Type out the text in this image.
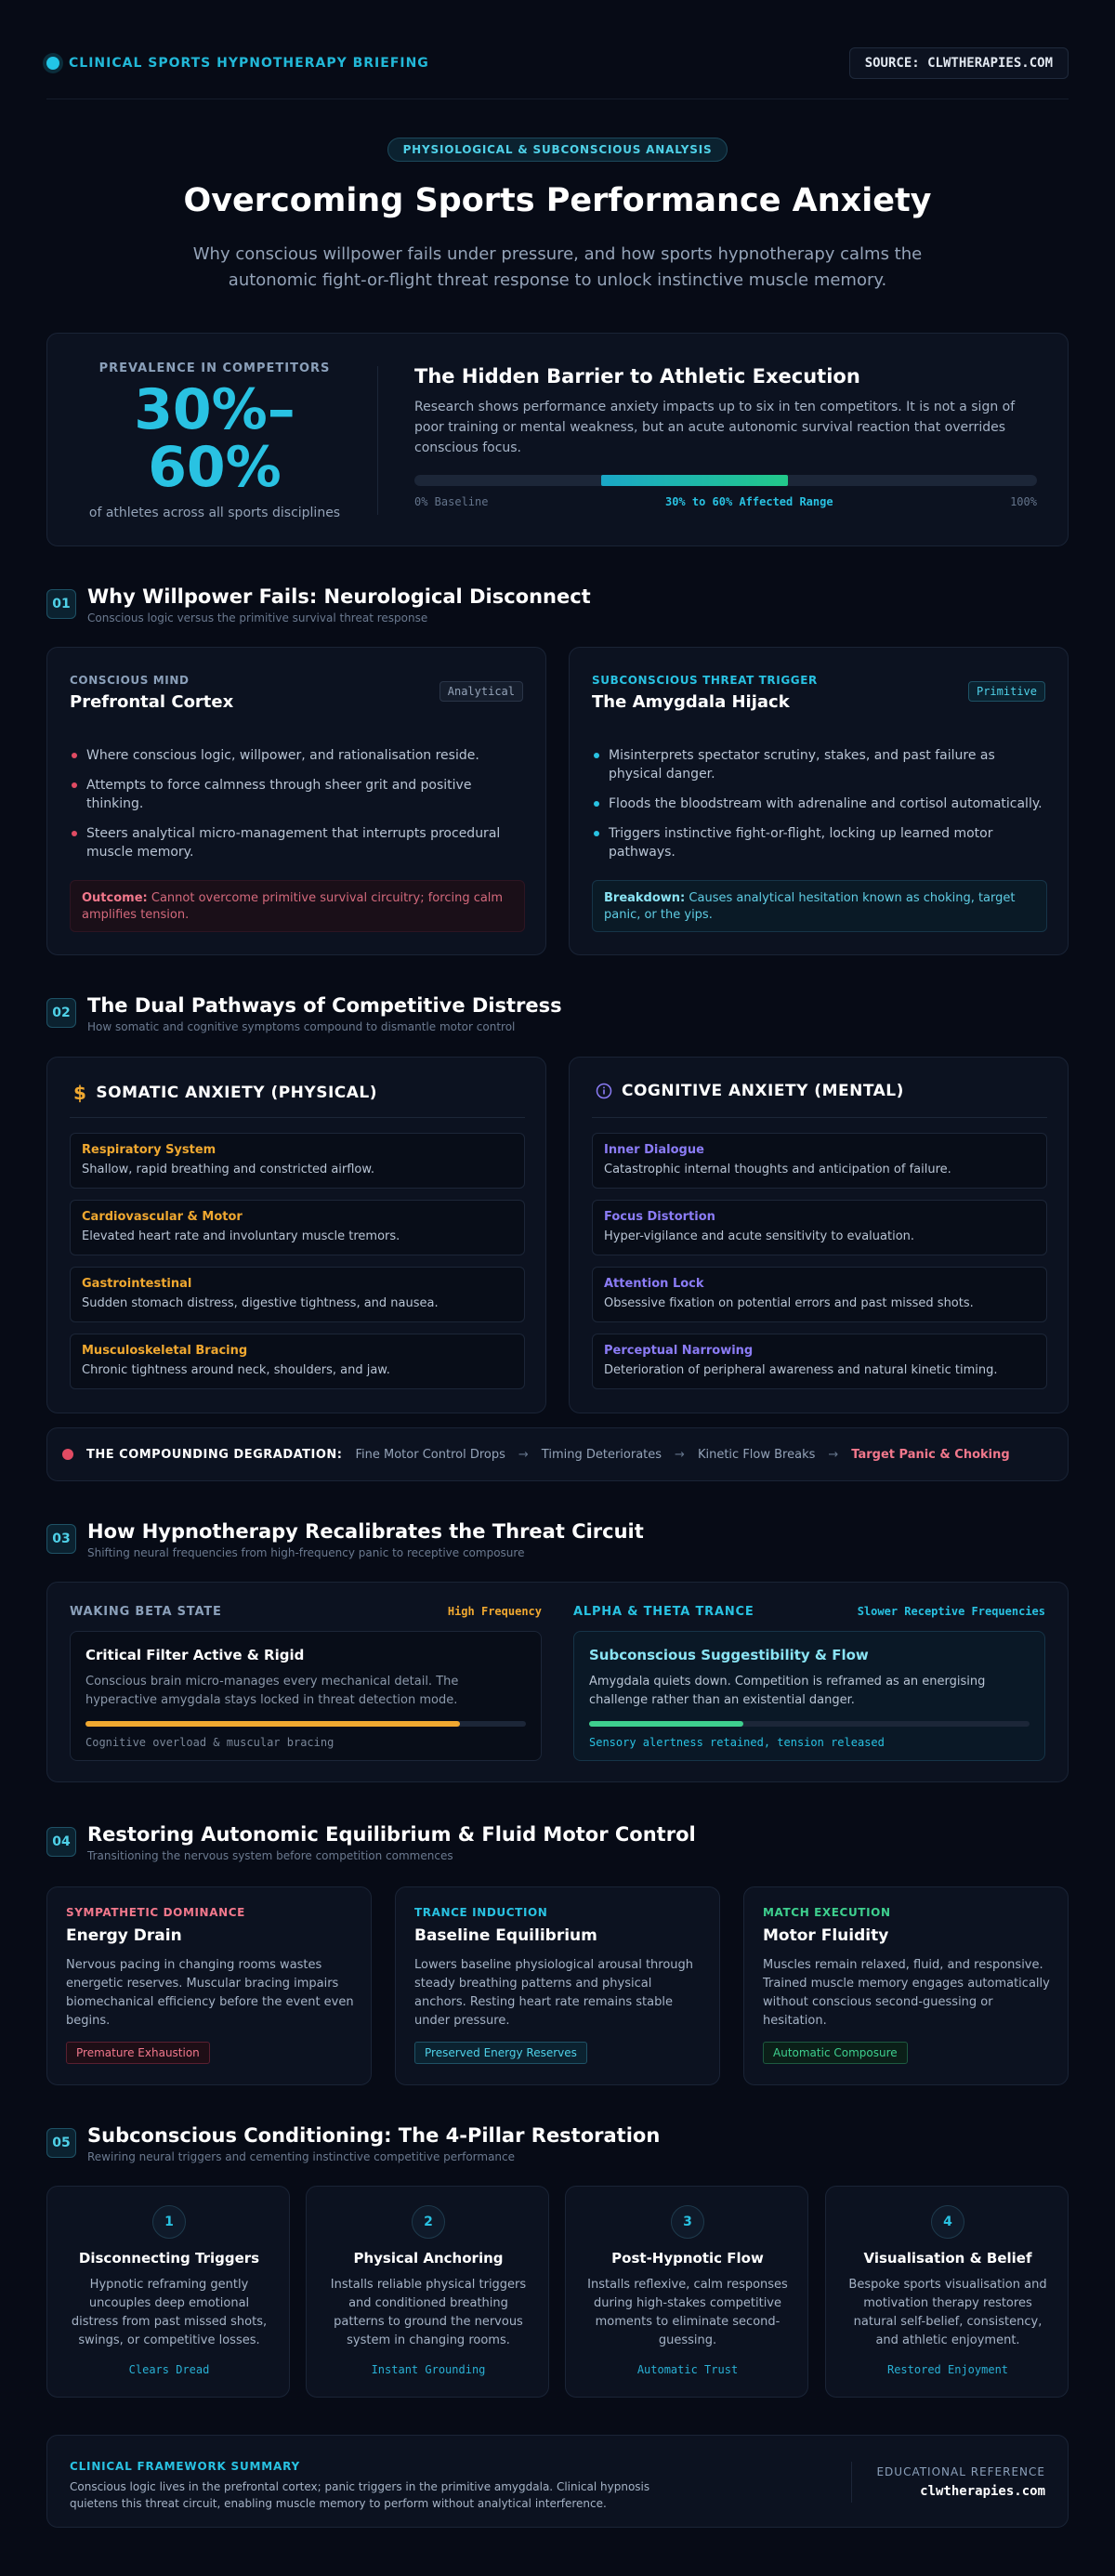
CLINICAL SPORTS HYPNOTHERAPY BRIEFING	SOURCE: CLWTHERAPIES.COM
PHYSIOLOGICAL & SUBCONSCIOUS ANALYSIS
Overcoming Sports Performance Anxiety
Why conscious willpower fails under pressure, and how sports hypnotherapy calms the autonomic fight-or-flight threat response to unlock instinctive muscle memory.
PREVALENCE IN COMPETITORS
30%–60%
of athletes across all sports disciplines
The Hidden Barrier to Athletic Execution
Research shows performance anxiety impacts up to six in ten competitors. It is not a sign of poor training or mental weakness, but an acute autonomic survival reaction that overrides conscious focus.
0% Baseline	30% to 60% Affected Range	100%
01 Why Willpower Fails: Neurological Disconnect
Conscious logic versus the primitive survival threat response
CONSCIOUS MIND
Prefrontal Cortex
Analytical
Where conscious logic, willpower, and rationalisation reside.
Attempts to force calmness through sheer grit and positive thinking.
Steers analytical micro-management that interrupts procedural muscle memory.
Outcome: Cannot overcome primitive survival circuitry; forcing calm amplifies tension.
SUBCONSCIOUS THREAT TRIGGER
The Amygdala Hijack
Primitive
Misinterprets spectator scrutiny, stakes, and past failure as physical danger.
Floods the bloodstream with adrenaline and cortisol automatically.
Triggers instinctive fight-or-flight, locking up learned motor pathways.
Breakdown: Causes analytical hesitation known as choking, target panic, or the yips.
02 The Dual Pathways of Competitive Distress
How somatic and cognitive symptoms compound to dismantle motor control
$ SOMATIC ANXIETY (PHYSICAL)
Respiratory System
Shallow, rapid breathing and constricted airflow.
Cardiovascular & Motor
Elevated heart rate and involuntary muscle tremors.
Gastrointestinal
Sudden stomach distress, digestive tightness, and nausea.
Musculoskeletal Bracing
Chronic tightness around neck, shoulders, and jaw.
COGNITIVE ANXIETY (MENTAL)
Inner Dialogue
Catastrophic internal thoughts and anticipation of failure.
Focus Distortion
Hyper-vigilance and acute sensitivity to evaluation.
Attention Lock
Obsessive fixation on potential errors and past missed shots.
Perceptual Narrowing
Deterioration of peripheral awareness and natural kinetic timing.
THE COMPOUNDING DEGRADATION: Fine Motor Control Drops → Timing Deteriorates → Kinetic Flow Breaks → Target Panic & Choking
03 How Hypnotherapy Recalibrates the Threat Circuit
Shifting neural frequencies from high-frequency panic to receptive composure
WAKING BETA STATE	High Frequency
Critical Filter Active & Rigid
Conscious brain micro-manages every mechanical detail. The hyperactive amygdala stays locked in threat detection mode.
Cognitive overload & muscular bracing
ALPHA & THETA TRANCE	Slower Receptive Frequencies
Subconscious Suggestibility & Flow
Amygdala quiets down. Competition is reframed as an energising challenge rather than an existential danger.
Sensory alertness retained, tension released
04 Restoring Autonomic Equilibrium & Fluid Motor Control
Transitioning the nervous system before competition commences
SYMPATHETIC DOMINANCE
Energy Drain
Nervous pacing in changing rooms wastes energetic reserves. Muscular bracing impairs biomechanical efficiency before the event even begins.
Premature Exhaustion
TRANCE INDUCTION
Baseline Equilibrium
Lowers baseline physiological arousal through steady breathing patterns and physical anchors. Resting heart rate remains stable under pressure.
Preserved Energy Reserves
MATCH EXECUTION
Motor Fluidity
Muscles remain relaxed, fluid, and responsive. Trained muscle memory engages automatically without conscious second-guessing or hesitation.
Automatic Composure
05 Subconscious Conditioning: The 4-Pillar Restoration
Rewiring neural triggers and cementing instinctive competitive performance
1
Disconnecting Triggers
Hypnotic reframing gently uncouples deep emotional distress from past missed shots, swings, or competitive losses.
Clears Dread
2
Physical Anchoring
Installs reliable physical triggers and conditioned breathing patterns to ground the nervous system in changing rooms.
Instant Grounding
3
Post-Hypnotic Flow
Installs reflexive, calm responses during high-stakes competitive moments to eliminate second-guessing.
Automatic Trust
4
Visualisation & Belief
Bespoke sports visualisation and motivation therapy restores natural self-belief, consistency, and athletic enjoyment.
Restored Enjoyment
CLINICAL FRAMEWORK SUMMARY
Conscious logic lives in the prefrontal cortex; panic triggers in the primitive amygdala. Clinical hypnosis quietens this threat circuit, enabling muscle memory to perform without analytical interference.
EDUCATIONAL REFERENCE
clwtherapies.com
